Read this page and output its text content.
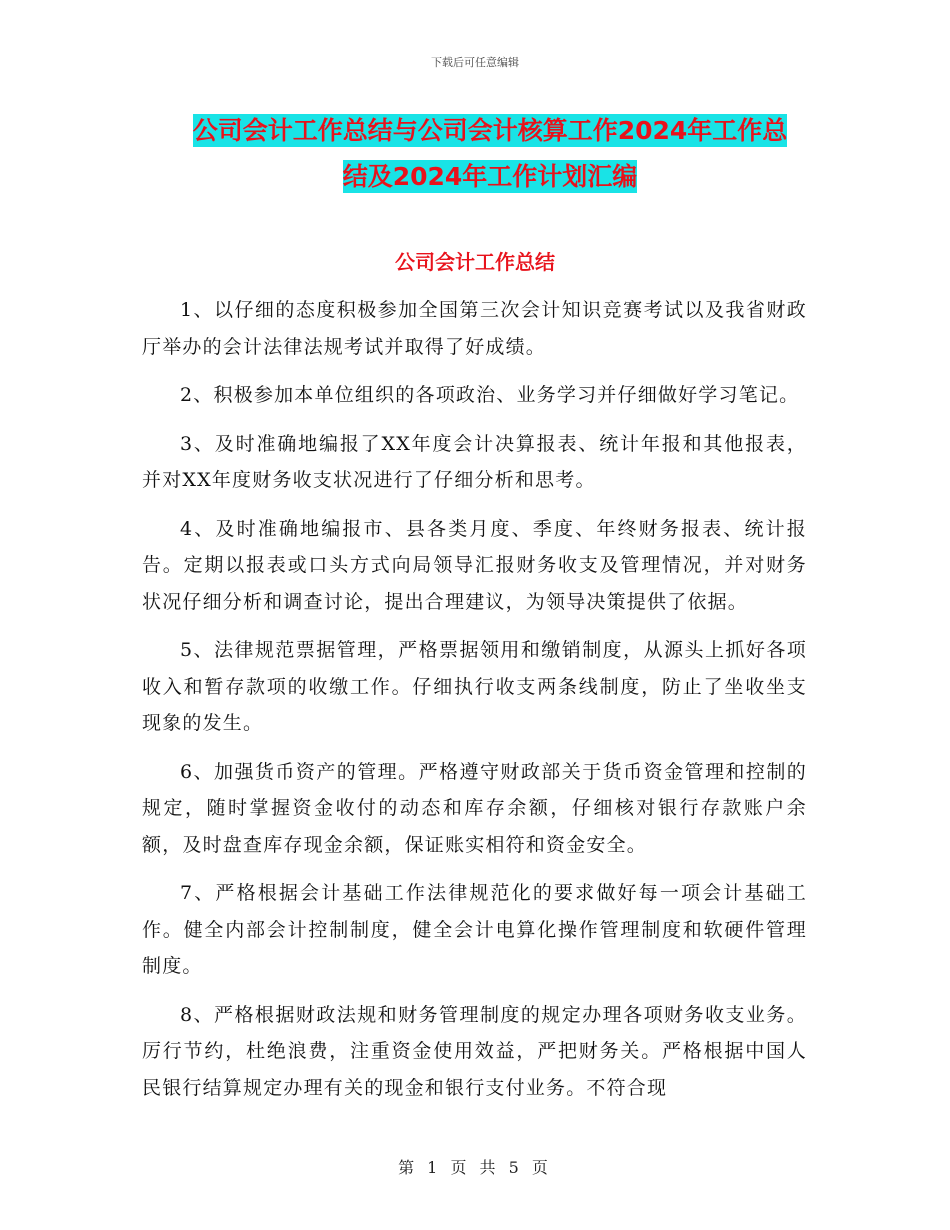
下载后可任意编辑
公司会计工作总结与公司会计核算工作2024年工作总
结及2024年工作计划汇编
公司会计工作总结

1、以仔细的态度积极参加全国第三次会计知识竞赛考试以及我省财政厅举办的会计法律法规考试并取得了好成绩。

2、积极参加本单位组织的各项政治、业务学习并仔细做好学习笔记。

3、及时准确地编报了XX年度会计决算报表、统计年报和其他报表，并对XX年度财务收支状况进行了仔细分析和思考。

4、及时准确地编报市、县各类月度、季度、年终财务报表、统计报告。定期以报表或口头方式向局领导汇报财务收支及管理情况，并对财务状况仔细分析和调查讨论，提出合理建议，为领导决策提供了依据。

5、法律规范票据管理，严格票据领用和缴销制度，从源头上抓好各项收入和暂存款项的收缴工作。仔细执行收支两条线制度，防止了坐收坐支现象的发生。

6、加强货币资产的管理。严格遵守财政部关于货币资金管理和控制的规定，随时掌握资金收付的动态和库存余额，仔细核对银行存款账户余额，及时盘查库存现金余额，保证账实相符和资金安全。

7、严格根据会计基础工作法律规范化的要求做好每一项会计基础工作。健全内部会计控制制度，健全会计电算化操作管理制度和软硬件管理制度。

8、严格根据财政法规和财务管理制度的规定办理各项财务收支业务。厉行节约，杜绝浪费，注重资金使用效益，严把财务关。严格根据中国人民银行结算规定办理有关的现金和银行支付业务。不符合现

第 1 页 共 5 页
